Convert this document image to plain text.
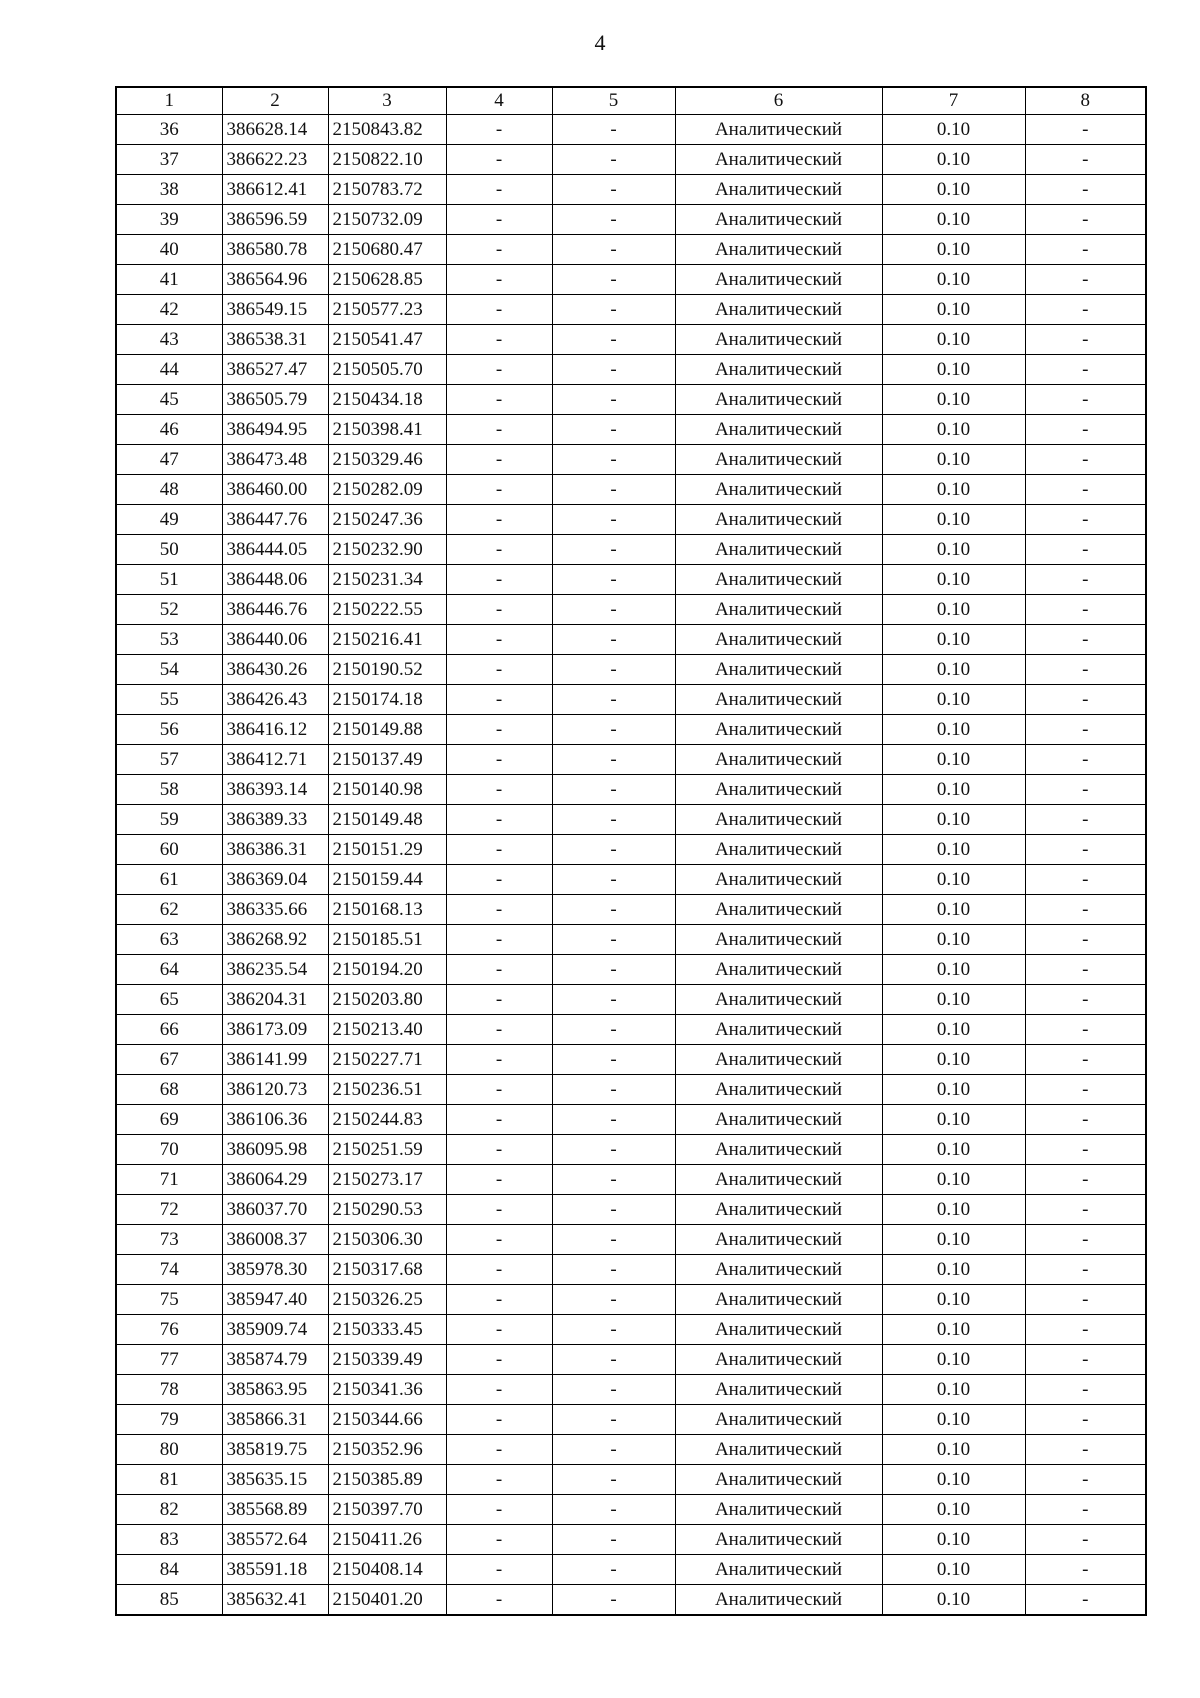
4
1	2	3	4	5	6	7	8
36	386628.14	2150843.82	-	-	Аналитический	0.10	-
37	386622.23	2150822.10	-	-	Аналитический	0.10	-
38	386612.41	2150783.72	-	-	Аналитический	0.10	-
39	386596.59	2150732.09	-	-	Аналитический	0.10	-
40	386580.78	2150680.47	-	-	Аналитический	0.10	-
41	386564.96	2150628.85	-	-	Аналитический	0.10	-
42	386549.15	2150577.23	-	-	Аналитический	0.10	-
43	386538.31	2150541.47	-	-	Аналитический	0.10	-
44	386527.47	2150505.70	-	-	Аналитический	0.10	-
45	386505.79	2150434.18	-	-	Аналитический	0.10	-
46	386494.95	2150398.41	-	-	Аналитический	0.10	-
47	386473.48	2150329.46	-	-	Аналитический	0.10	-
48	386460.00	2150282.09	-	-	Аналитический	0.10	-
49	386447.76	2150247.36	-	-	Аналитический	0.10	-
50	386444.05	2150232.90	-	-	Аналитический	0.10	-
51	386448.06	2150231.34	-	-	Аналитический	0.10	-
52	386446.76	2150222.55	-	-	Аналитический	0.10	-
53	386440.06	2150216.41	-	-	Аналитический	0.10	-
54	386430.26	2150190.52	-	-	Аналитический	0.10	-
55	386426.43	2150174.18	-	-	Аналитический	0.10	-
56	386416.12	2150149.88	-	-	Аналитический	0.10	-
57	386412.71	2150137.49	-	-	Аналитический	0.10	-
58	386393.14	2150140.98	-	-	Аналитический	0.10	-
59	386389.33	2150149.48	-	-	Аналитический	0.10	-
60	386386.31	2150151.29	-	-	Аналитический	0.10	-
61	386369.04	2150159.44	-	-	Аналитический	0.10	-
62	386335.66	2150168.13	-	-	Аналитический	0.10	-
63	386268.92	2150185.51	-	-	Аналитический	0.10	-
64	386235.54	2150194.20	-	-	Аналитический	0.10	-
65	386204.31	2150203.80	-	-	Аналитический	0.10	-
66	386173.09	2150213.40	-	-	Аналитический	0.10	-
67	386141.99	2150227.71	-	-	Аналитический	0.10	-
68	386120.73	2150236.51	-	-	Аналитический	0.10	-
69	386106.36	2150244.83	-	-	Аналитический	0.10	-
70	386095.98	2150251.59	-	-	Аналитический	0.10	-
71	386064.29	2150273.17	-	-	Аналитический	0.10	-
72	386037.70	2150290.53	-	-	Аналитический	0.10	-
73	386008.37	2150306.30	-	-	Аналитический	0.10	-
74	385978.30	2150317.68	-	-	Аналитический	0.10	-
75	385947.40	2150326.25	-	-	Аналитический	0.10	-
76	385909.74	2150333.45	-	-	Аналитический	0.10	-
77	385874.79	2150339.49	-	-	Аналитический	0.10	-
78	385863.95	2150341.36	-	-	Аналитический	0.10	-
79	385866.31	2150344.66	-	-	Аналитический	0.10	-
80	385819.75	2150352.96	-	-	Аналитический	0.10	-
81	385635.15	2150385.89	-	-	Аналитический	0.10	-
82	385568.89	2150397.70	-	-	Аналитический	0.10	-
83	385572.64	2150411.26	-	-	Аналитический	0.10	-
84	385591.18	2150408.14	-	-	Аналитический	0.10	-
85	385632.41	2150401.20	-	-	Аналитический	0.10	-
